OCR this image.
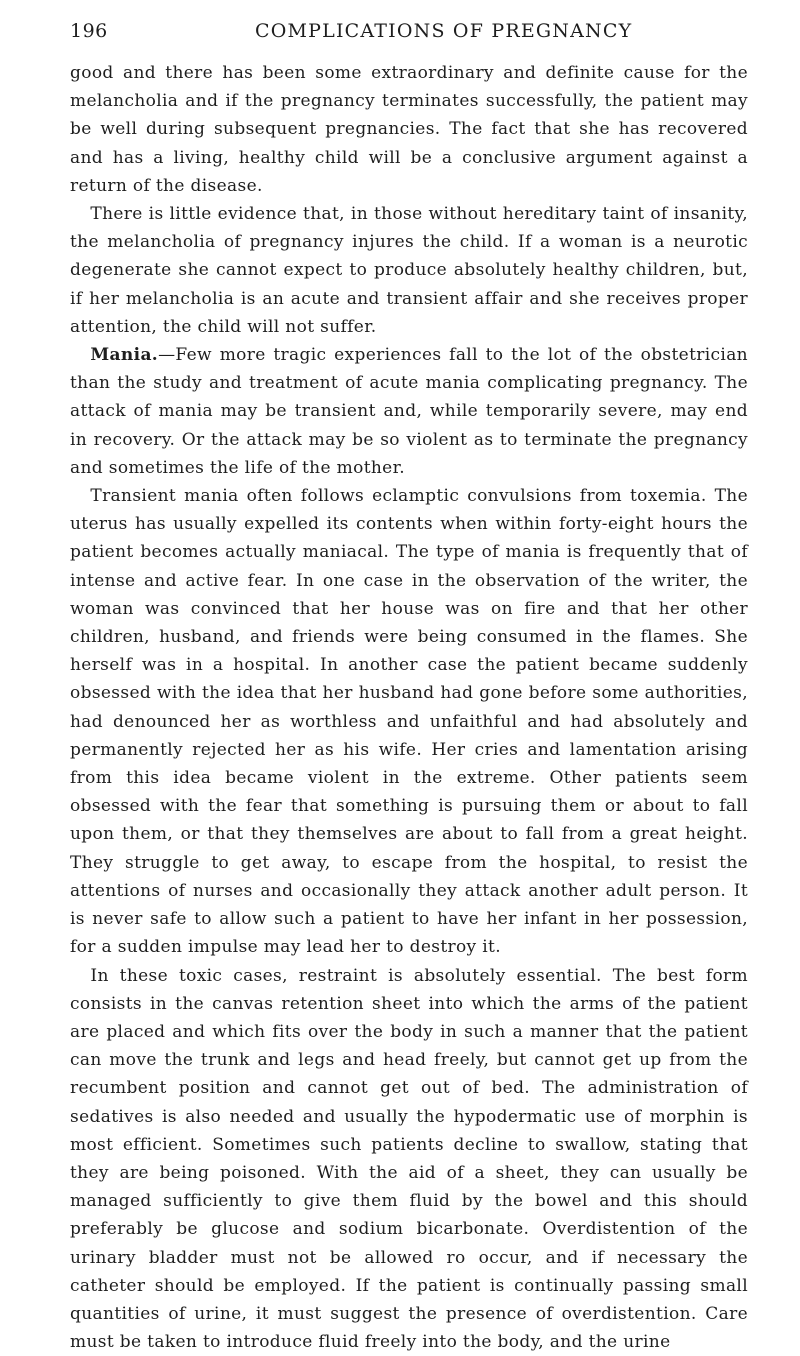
196	COMPLICATIONS OF PREGNANCY

good and there has been some extraordinary and definite cause for the melancholia and if the pregnancy terminates successfully, the patient may be well during subsequent pregnancies. The fact that she has recovered and has a living, healthy child will be a conclusive argument against a return of the disease.

There is little evidence that, in those without hereditary taint of insanity, the melancholia of pregnancy injures the child. If a woman is a neurotic degenerate she cannot expect to produce absolutely healthy children, but, if her melancholia is an acute and transient affair and she receives proper attention, the child will not suffer.

Mania.—Few more tragic experiences fall to the lot of the obstetrician than the study and treatment of acute mania complicating pregnancy. The attack of mania may be transient and, while temporarily severe, may end in recovery. Or the attack may be so violent as to terminate the pregnancy and sometimes the life of the mother.

Transient mania often follows eclamptic convulsions from toxemia. The uterus has usually expelled its contents when within forty-eight hours the patient becomes actually maniacal. The type of mania is frequently that of intense and active fear. In one case in the observation of the writer, the woman was convinced that her house was on fire and that her other children, husband, and friends were being consumed in the flames. She herself was in a hospital. In another case the patient became suddenly obsessed with the idea that her husband had gone before some authorities, had denounced her as worthless and unfaithful and had absolutely and permanently rejected her as his wife. Her cries and lamentation arising from this idea became violent in the extreme. Other patients seem obsessed with the fear that something is pursuing them or about to fall upon them, or that they themselves are about to fall from a great height. They struggle to get away, to escape from the hospital, to resist the attentions of nurses and occasionally they attack another adult person. It is never safe to allow such a patient to have her infant in her possession, for a sudden impulse may lead her to destroy it.

In these toxic cases, restraint is absolutely essential. The best form consists in the canvas retention sheet into which the arms of the patient are placed and which fits over the body in such a manner that the patient can move the trunk and legs and head freely, but cannot get up from the recumbent position and cannot get out of bed. The administration of sedatives is also needed and usually the hypodermatic use of morphin is most efficient. Sometimes such patients decline to swallow, stating that they are being poisoned. With the aid of a sheet, they can usually be managed sufficiently to give them fluid by the bowel and this should preferably be glucose and sodium bicarbonate. Overdistention of the urinary bladder must not be allowed ro occur, and if necessary the catheter should be employed. If the patient is continually passing small quantities of urine, it must suggest the presence of overdistention. Care must be taken to introduce fluid freely into the body, and the urine
